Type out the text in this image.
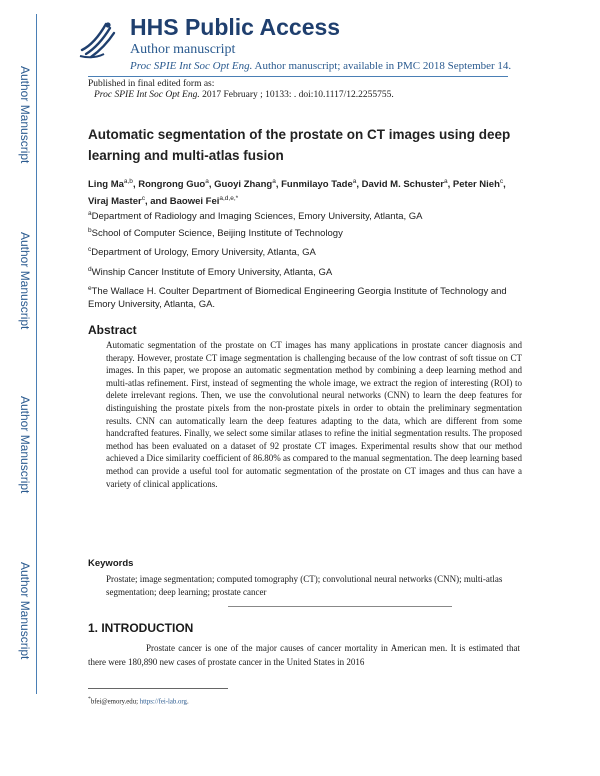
Author Manuscript
Author Manuscript
Author Manuscript
Author Manuscript
HHS Public Access
Author manuscript
Proc SPIE Int Soc Opt Eng. Author manuscript; available in PMC 2018 September 14.
Published in final edited form as:
Proc SPIE Int Soc Opt Eng. 2017 February ; 10133: . doi:10.1117/12.2255755.
Automatic segmentation of the prostate on CT images using deep learning and multi-atlas fusion
Ling Ma$^{a,b}$, Rongrong Guo$^a$, Guoyi Zhang$^a$, Funmilayo Tade$^a$, David M. Schuster$^a$, Peter Nieh$^c$, Viraj Master$^c$, and Baowei Fei$^{a,d,e,*}$
$^a$Department of Radiology and Imaging Sciences, Emory University, Atlanta, GA
$^b$School of Computer Science, Beijing Institute of Technology
$^c$Department of Urology, Emory University, Atlanta, GA
$^d$Winship Cancer Institute of Emory University, Atlanta, GA
$^e$The Wallace H. Coulter Department of Biomedical Engineering Georgia Institute of Technology and Emory University, Atlanta, GA.
Abstract
Automatic segmentation of the prostate on CT images has many applications in prostate cancer diagnosis and therapy. However, prostate CT image segmentation is challenging because of the low contrast of soft tissue on CT images. In this paper, we propose an automatic segmentation method by combining a deep learning method and multi-atlas refinement. First, instead of segmenting the whole image, we extract the region of interesting (ROI) to delete irrelevant regions. Then, we use the convolutional neural networks (CNN) to learn the deep features for distinguishing the prostate pixels from the non-prostate pixels in order to obtain the preliminary segmentation results. CNN can automatically learn the deep features adapting to the data, which are different from some handcrafted features. Finally, we select some similar atlases to refine the initial segmentation results. The proposed method has been evaluated on a dataset of 92 prostate CT images. Experimental results show that our method achieved a Dice similarity coefficient of 86.80% as compared to the manual segmentation. The deep learning based method can provide a useful tool for automatic segmentation of the prostate on CT images and thus can have a variety of clinical applications.
Keywords
Prostate; image segmentation; computed tomography (CT); convolutional neural networks (CNN); multi-atlas segmentation; deep learning; prostate cancer
1. INTRODUCTION
Prostate cancer is one of the major causes of cancer mortality in American men. It is estimated that there were 180,890 new cases of prostate cancer in the United States in 2016
*bfei@emory.edu; https://fei-lab.org.
